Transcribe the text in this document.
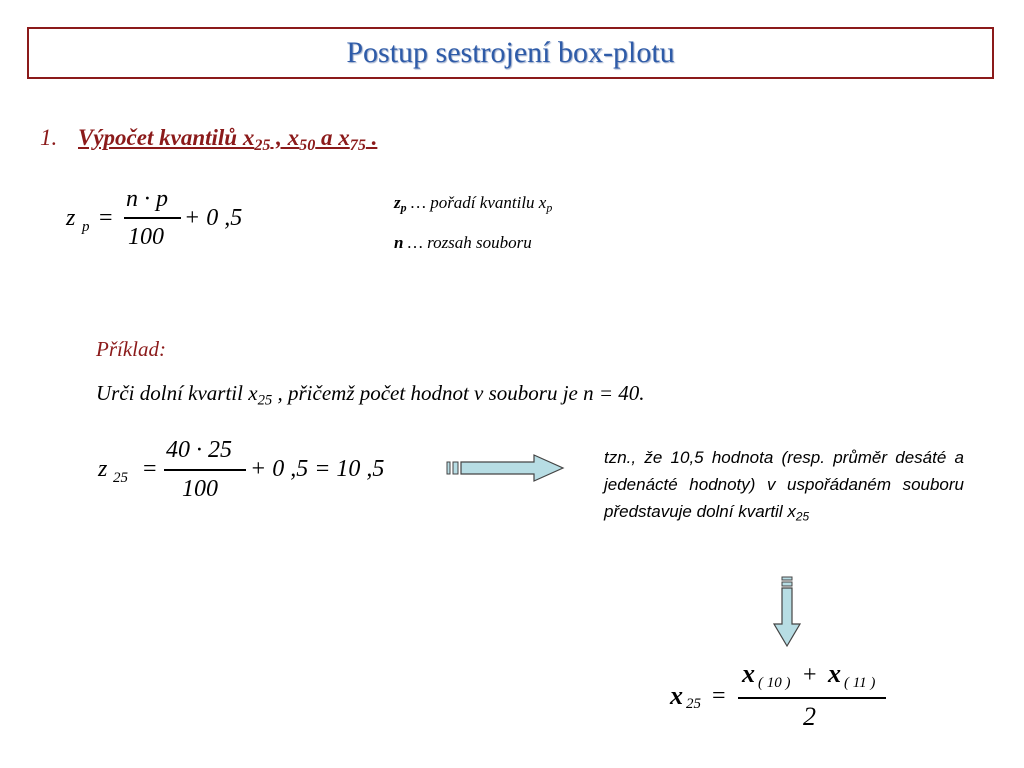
Postup sestrojení box-plotu
1. Výpočet kvantilů $x_{25}$ , $x_{50}$ a $x_{75}$ .
z p =
n · p
100
+ 0 ,5
$z_p$ … pořadí kvantilu $x_p$
n … rozsah souboru
Příklad:
Urči dolní kvartil $x_{25}$ , přičemž počet hodnot v souboru je n = 40.
z 25 =
40 · 25
100
+ 0 ,5 = 10 ,5	tzn., že 10,5 hodnota (resp. průměr desáté a jedenácté hodnoty) v uspořádaném souboru představuje dolní kvartil $x_{25}$
x 25 =
x ( 10 ) + x ( 11 )
2
